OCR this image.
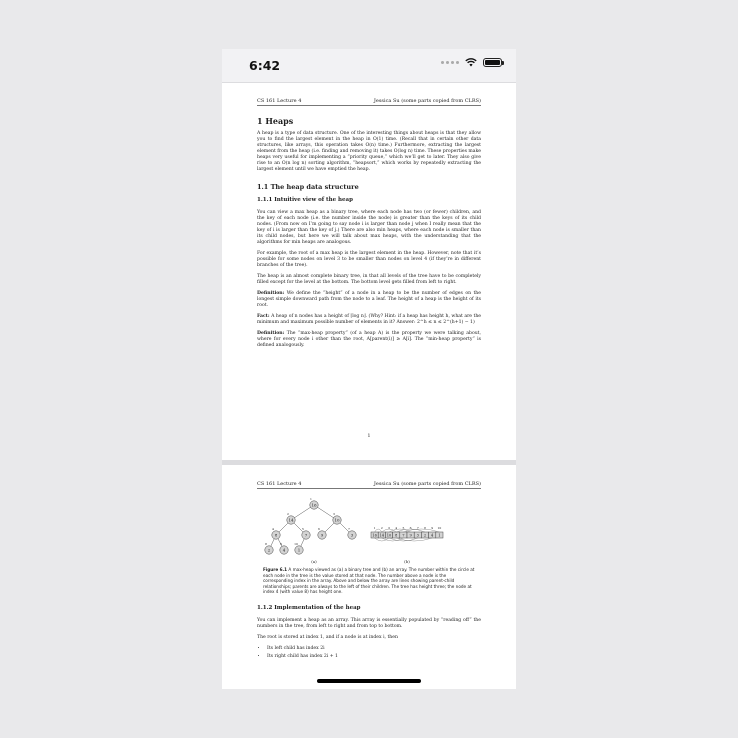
6:42
CS 161 Lecture 4	Jessica Su (some parts copied from CLRS)
1 Heaps

A heap is a type of data structure. One of the interesting things about heaps is that they allow you to find the largest element in the heap in O(1) time. (Recall that in certain other data structures, like arrays, this operation takes O(n) time.) Furthermore, extracting the largest element from the heap (i.e. finding and removing it) takes O(log n) time. These properties make heaps very useful for implementing a “priority queue,” which we’ll get to later. They also give rise to an O(n log n) sorting algorithm, “heapsort,” which works by repeatedly extracting the largest element until we have emptied the heap.

1.1 The heap data structure
1.1.1 Intuitive view of the heap

You can view a max heap as a binary tree, where each node has two (or fewer) children, and the key of each node (i.e. the number inside the node) is greater than the keys of its child nodes. (From now on I’m going to say node i is larger than node j when I really mean that the key of i is larger than the key of j.) There are also min heaps, where each node is smaller than its child nodes, but here we will talk about max heaps, with the understanding that the algorithms for min heaps are analogous.

For example, the root of a max heap is the largest element in the heap. However, note that it’s possible for some nodes on level 3 to be smaller than nodes on level 4 (if they’re in different branches of the tree).

The heap is an almost complete binary tree, in that all levels of the tree have to be completely filled except for the level at the bottom. The bottom level gets filled from left to right.

Definition: We define the “height” of a node in a heap to be the number of edges on the longest simple downward path from the node to a leaf. The height of a heap is the height of its root.

Fact: A heap of n nodes has a height of ⌊log n⌋. (Why? Hint: if a heap has height h, what are the minimum and maximum possible number of elements in it? Answer: 2^h ≤ n ≤ 2^(h+1) − 1)

Definition: The “max-heap property” (of a heap A) is the property we were talking about, where for every node i other than the root, A[parent(i)] ≥ A[i]. The “min-heap property” is defined analogously.

1
CS 161 Lecture 4	Jessica Su (some parts copied from CLRS)
16
1
14
2
10
3
8
4
7
5
9
6
3
7
2
8
4
9
1
10
(a)
16
1
14
2
10
3
8
4
7
5
9
6
3
7
2
8
4
9
1
10
(b)
Figure 6.1 A max-heap viewed as (a) a binary tree and (b) an array. The number within the circle at each node in the tree is the value stored at that node. The number above a node is the corresponding index in the array. Above and below the array are lines showing parent-child relationships; parents are always to the left of their children. The tree has height three; the node at index 4 (with value 8) has height one.
1.1.2 Implementation of the heap

You can implement a heap as an array. This array is essentially populated by “reading off” the numbers in the tree, from left to right and from top to bottom.

The root is stored at index 1, and if a node is at index i, then

• Its left child has index 2i
• Its right child has index 2i + 1
